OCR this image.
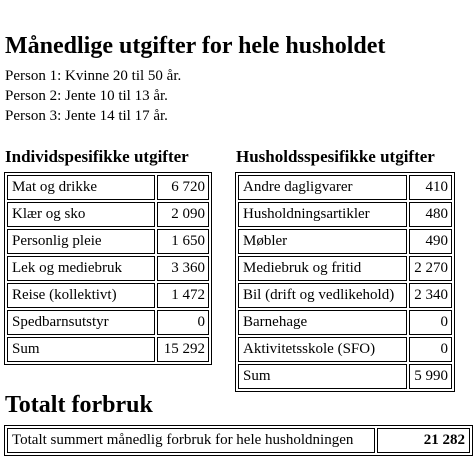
Månedlige utgifter for hele husholdet
Person 1: Kvinne 20 til 50 år.
Person 2: Jente 10 til 13 år.
Person 3: Jente 14 til 17 år.
Individspesifikke utgifter	Husholdsspesifikke utgifter
Mat og drikke	6 720
Klær og sko	2 090
Personlig pleie	1 650
Lek og mediebruk	3 360
Reise (kollektivt)	1 472
Spedbarnsutstyr	0
Sum	15 292
Andre dagligvarer	410
Husholdningsartikler	480
Møbler	490
Mediebruk og fritid	2 270
Bil (drift og vedlikehold)	2 340
Barnehage	0
Aktivitetsskole (SFO)	0
Sum	5 990
Totalt forbruk
Totalt summert månedlig forbruk for hele husholdningen	21 282
